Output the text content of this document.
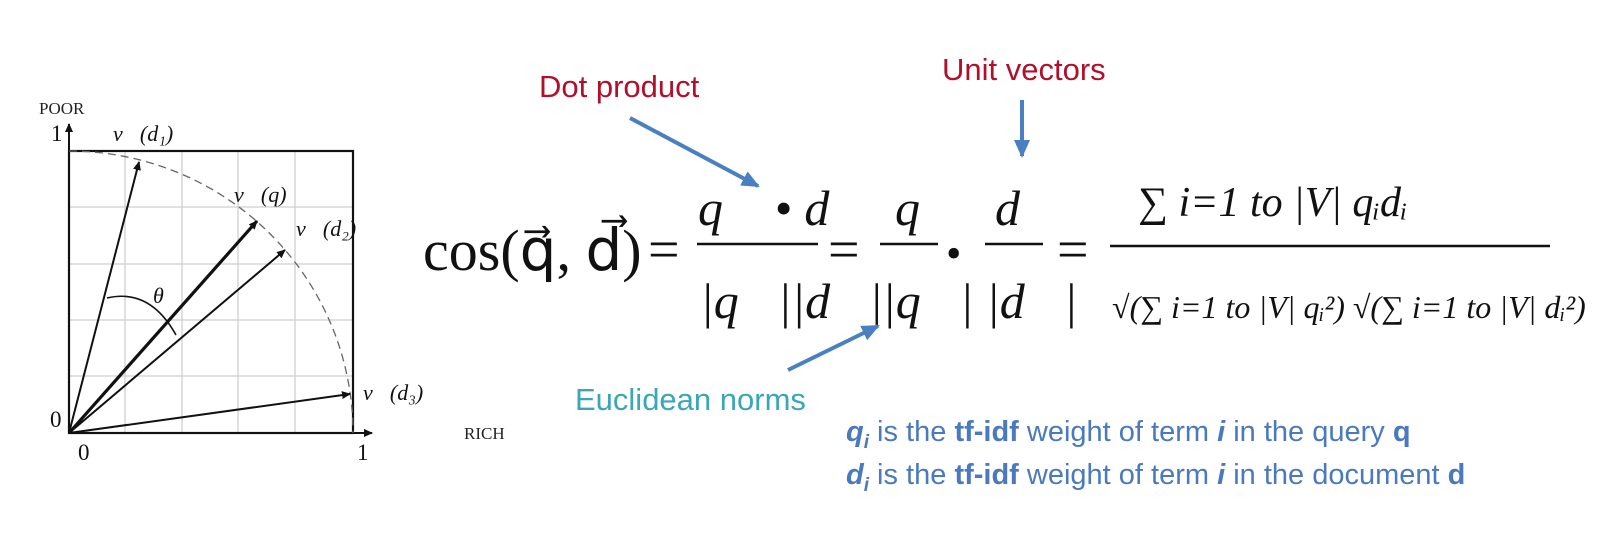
POOR
RICH
1
0
0	1
v⃗(d₁)
v⃗(q)
v⃗(d₂)
v⃗(d₃)
θ
cos(q⃗, d⃗) =
q⃗ • d⃗
|q⃗||d⃗|
=
q⃗
|q⃗|
•
d⃗
|d⃗|
=
∑ i=1 to |V| qᵢdᵢ
√(∑ i=1 to |V| qᵢ²) √(∑ i=1 to |V| dᵢ²)
Dot product	Unit vectors
Euclidean norms
$q_i$ is the tf-idf weight of term i in the query q
$d_i$ is the tf-idf weight of term i in the document d
